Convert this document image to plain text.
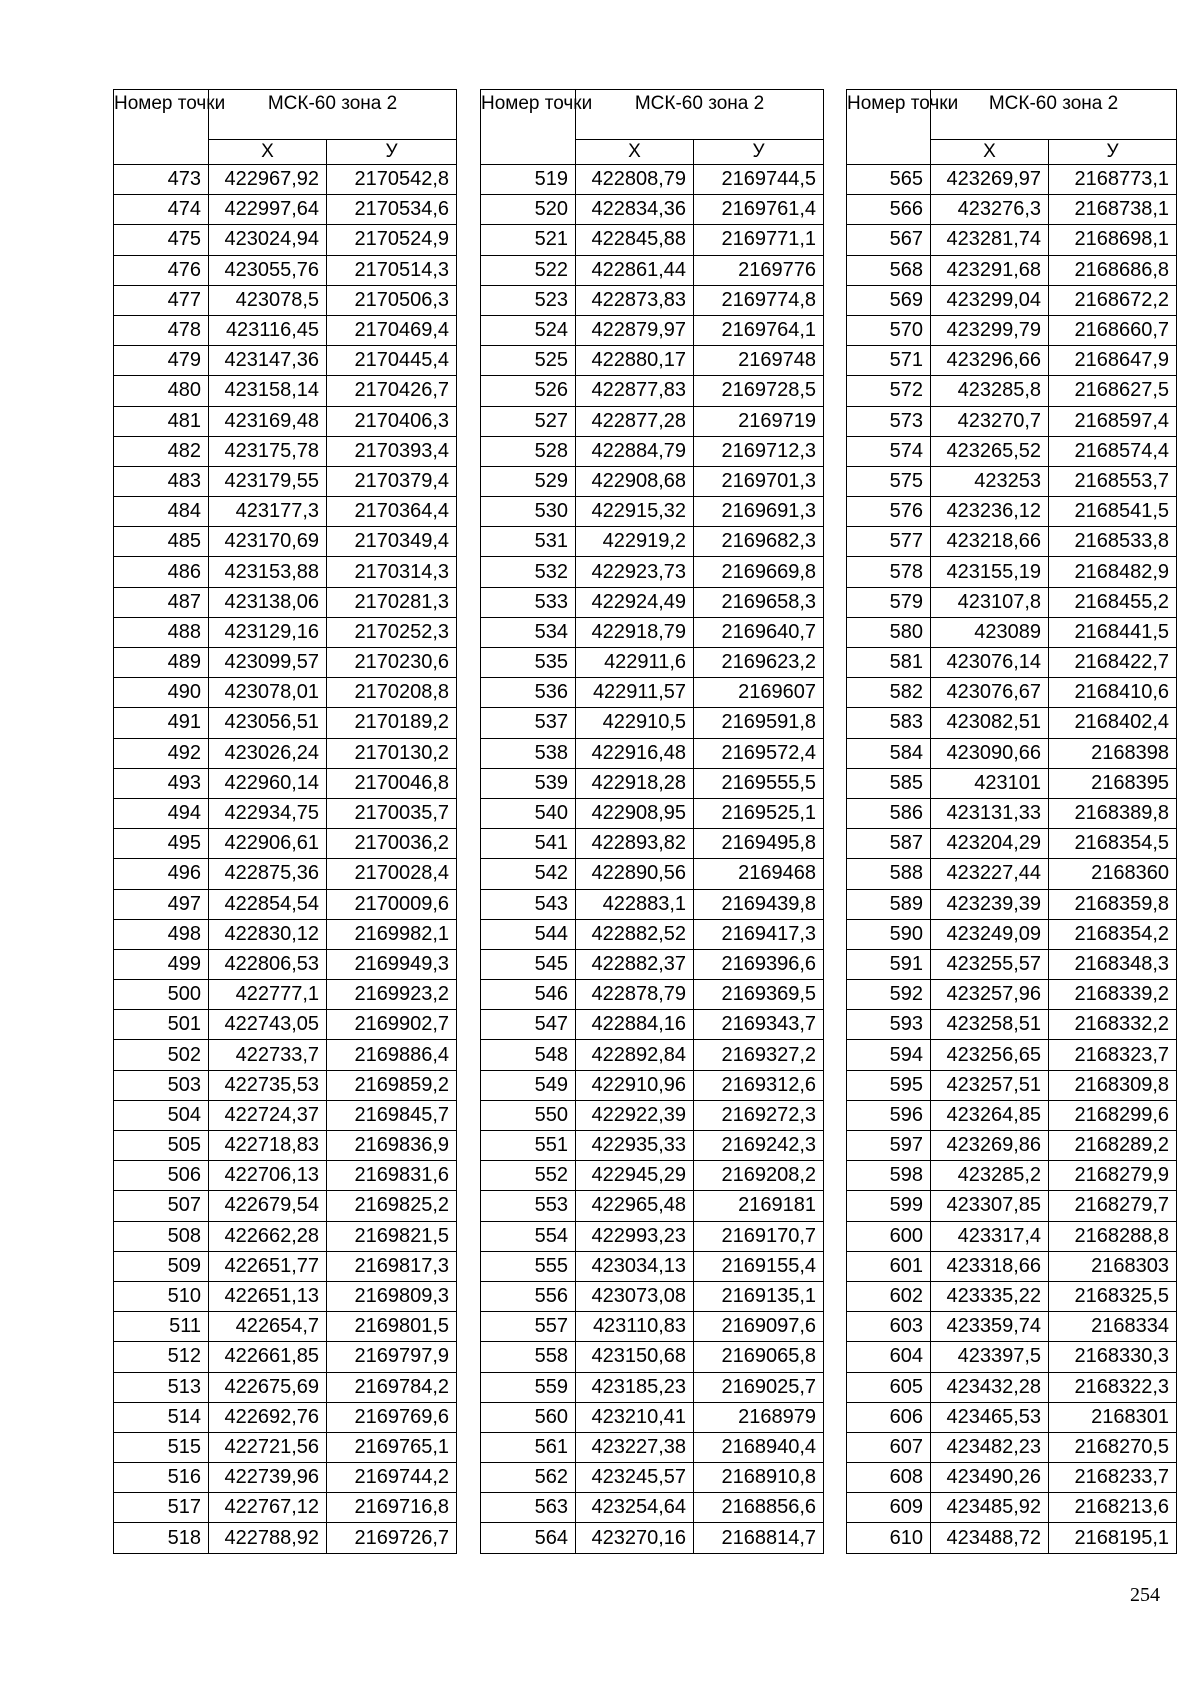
Номер точки	МСК-60 зона 2	
	Х	У
473	422967,92	2170542,8
474	422997,64	2170534,6
475	423024,94	2170524,9
476	423055,76	2170514,3
477	423078,5	2170506,3
478	423116,45	2170469,4
479	423147,36	2170445,4
480	423158,14	2170426,7
481	423169,48	2170406,3
482	423175,78	2170393,4
483	423179,55	2170379,4
484	423177,3	2170364,4
485	423170,69	2170349,4
486	423153,88	2170314,3
487	423138,06	2170281,3
488	423129,16	2170252,3
489	423099,57	2170230,6
490	423078,01	2170208,8
491	423056,51	2170189,2
492	423026,24	2170130,2
493	422960,14	2170046,8
494	422934,75	2170035,7
495	422906,61	2170036,2
496	422875,36	2170028,4
497	422854,54	2170009,6
498	422830,12	2169982,1
499	422806,53	2169949,3
500	422777,1	2169923,2
501	422743,05	2169902,7
502	422733,7	2169886,4
503	422735,53	2169859,2
504	422724,37	2169845,7
505	422718,83	2169836,9
506	422706,13	2169831,6
507	422679,54	2169825,2
508	422662,28	2169821,5
509	422651,77	2169817,3
510	422651,13	2169809,3
511	422654,7	2169801,5
512	422661,85	2169797,9
513	422675,69	2169784,2
514	422692,76	2169769,6
515	422721,56	2169765,1
516	422739,96	2169744,2
517	422767,12	2169716,8
518	422788,92	2169726,7
Номер точки	МСК-60 зона 2	
	Х	У
519	422808,79	2169744,5
520	422834,36	2169761,4
521	422845,88	2169771,1
522	422861,44	2169776
523	422873,83	2169774,8
524	422879,97	2169764,1
525	422880,17	2169748
526	422877,83	2169728,5
527	422877,28	2169719
528	422884,79	2169712,3
529	422908,68	2169701,3
530	422915,32	2169691,3
531	422919,2	2169682,3
532	422923,73	2169669,8
533	422924,49	2169658,3
534	422918,79	2169640,7
535	422911,6	2169623,2
536	422911,57	2169607
537	422910,5	2169591,8
538	422916,48	2169572,4
539	422918,28	2169555,5
540	422908,95	2169525,1
541	422893,82	2169495,8
542	422890,56	2169468
543	422883,1	2169439,8
544	422882,52	2169417,3
545	422882,37	2169396,6
546	422878,79	2169369,5
547	422884,16	2169343,7
548	422892,84	2169327,2
549	422910,96	2169312,6
550	422922,39	2169272,3
551	422935,33	2169242,3
552	422945,29	2169208,2
553	422965,48	2169181
554	422993,23	2169170,7
555	423034,13	2169155,4
556	423073,08	2169135,1
557	423110,83	2169097,6
558	423150,68	2169065,8
559	423185,23	2169025,7
560	423210,41	2168979
561	423227,38	2168940,4
562	423245,57	2168910,8
563	423254,64	2168856,6
564	423270,16	2168814,7
Номер точки	МСК-60 зона 2	
	Х	У
565	423269,97	2168773,1
566	423276,3	2168738,1
567	423281,74	2168698,1
568	423291,68	2168686,8
569	423299,04	2168672,2
570	423299,79	2168660,7
571	423296,66	2168647,9
572	423285,8	2168627,5
573	423270,7	2168597,4
574	423265,52	2168574,4
575	423253	2168553,7
576	423236,12	2168541,5
577	423218,66	2168533,8
578	423155,19	2168482,9
579	423107,8	2168455,2
580	423089	2168441,5
581	423076,14	2168422,7
582	423076,67	2168410,6
583	423082,51	2168402,4
584	423090,66	2168398
585	423101	2168395
586	423131,33	2168389,8
587	423204,29	2168354,5
588	423227,44	2168360
589	423239,39	2168359,8
590	423249,09	2168354,2
591	423255,57	2168348,3
592	423257,96	2168339,2
593	423258,51	2168332,2
594	423256,65	2168323,7
595	423257,51	2168309,8
596	423264,85	2168299,6
597	423269,86	2168289,2
598	423285,2	2168279,9
599	423307,85	2168279,7
600	423317,4	2168288,8
601	423318,66	2168303
602	423335,22	2168325,5
603	423359,74	2168334
604	423397,5	2168330,3
605	423432,28	2168322,3
606	423465,53	2168301
607	423482,23	2168270,5
608	423490,26	2168233,7
609	423485,92	2168213,6
610	423488,72	2168195,1
254
